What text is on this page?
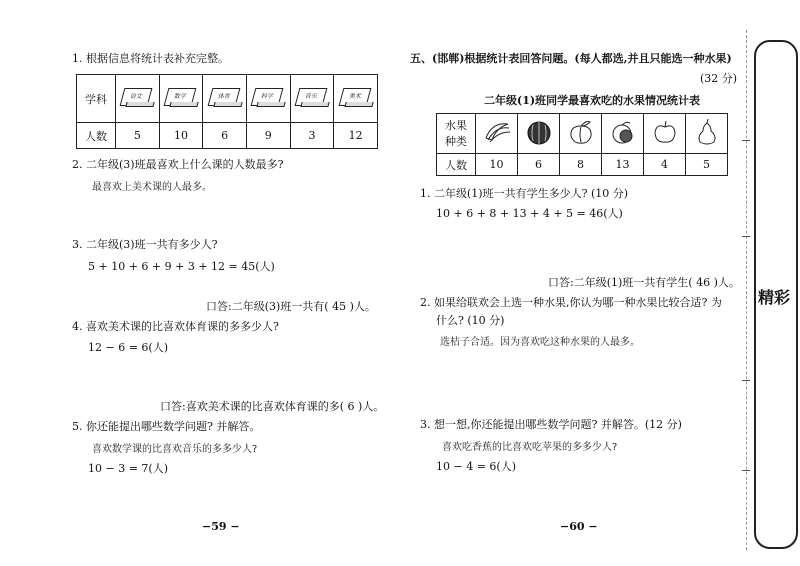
1. 根据信息将统计表补充完整。
学科	语文	数学	体育	科学	音乐	美术

人数	5	10	6	9	3	12
2. 二年级(3)班最喜欢上什么课的人数最多?
最喜欢上美术课的人最多。
3. 二年级(3)班一共有多少人?
5 + 10 + 6 + 9 + 3 + 12 = 45(人)
口答:二年级(3)班一共有( 45 )人。
4. 喜欢美术课的比喜欢体育课的多多少人?
12 − 6 = 6(人)
口答:喜欢美术课的比喜欢体育课的多( 6 )人。
5. 你还能提出哪些数学问题? 并解答。
喜欢数学课的比喜欢音乐的多多少人?
10 − 3 = 7(人)
−59 −
五、(邯郸)根据统计表回答问题。(每人都选,并且只能选一种水果)
(32 分)
二年级(1)班同学最喜欢吃的水果情况统计表
水果
种类						
人数	10	6	8	13	4	5
1. 二年级(1)班一共有学生多少人? (10 分)
10 + 6 + 8 + 13 + 4 + 5 = 46(人)
口答:二年级(1)班一共有学生( 46 )人。
2. 如果给联欢会上选一种水果,你认为哪一种水果比较合适? 为
什么? (10 分)
选桔子合适。因为喜欢吃这种水果的人最多。
3. 想一想,你还能提出哪些数学问题? 并解答。(12 分)
喜欢吃香蕉的比喜欢吃苹果的多多少人?
10 − 4 = 6(人)
−60 −
精彩
